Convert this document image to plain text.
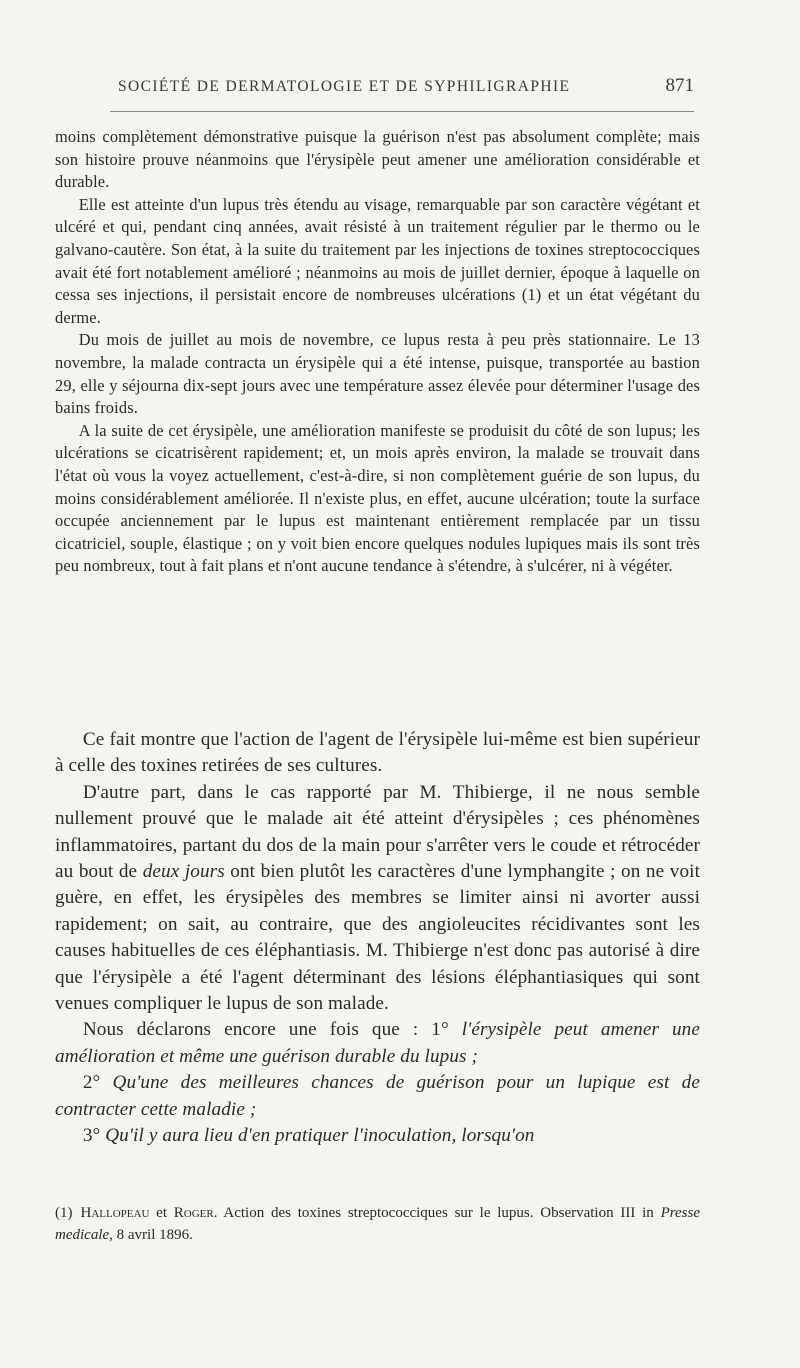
SOCIÉTÉ DE DERMATOLOGIE ET DE SYPHILIGRAPHIE	871

moins complètement démonstrative puisque la guérison n'est pas absolument complète; mais son histoire prouve néanmoins que l'érysipèle peut amener une amélioration considérable et durable.

Elle est atteinte d'un lupus très étendu au visage, remarquable par son caractère végétant et ulcéré et qui, pendant cinq années, avait résisté à un traitement régulier par le thermo ou le galvano-cautère. Son état, à la suite du traitement par les injections de toxines streptococciques avait été fort notablement amélioré ; néanmoins au mois de juillet dernier, époque à laquelle on cessa ses injections, il persistait encore de nombreuses ulcérations (1) et un état végétant du derme.

Du mois de juillet au mois de novembre, ce lupus resta à peu près stationnaire. Le 13 novembre, la malade contracta un érysipèle qui a été intense, puisque, transportée au bastion 29, elle y séjourna dix-sept jours avec une température assez élevée pour déterminer l'usage des bains froids.

A la suite de cet érysipèle, une amélioration manifeste se produisit du côté de son lupus; les ulcérations se cicatrisèrent rapidement; et, un mois après environ, la malade se trouvait dans l'état où vous la voyez actuellement, c'est-à-dire, si non complètement guérie de son lupus, du moins considérablement améliorée. Il n'existe plus, en effet, aucune ulcération; toute la surface occupée anciennement par le lupus est maintenant entièrement remplacée par un tissu cicatriciel, souple, élastique ; on y voit bien encore quelques nodules lupiques mais ils sont très peu nombreux, tout à fait plans et n'ont aucune tendance à s'étendre, à s'ulcérer, ni à végéter.

Ce fait montre que l'action de l'agent de l'érysipèle lui-même est bien supérieur à celle des toxines retirées de ses cultures.

D'autre part, dans le cas rapporté par M. Thibierge, il ne nous semble nullement prouvé que le malade ait été atteint d'érysipèles ; ces phénomènes inflammatoires, partant du dos de la main pour s'arrêter vers le coude et rétrocéder au bout de deux jours ont bien plutôt les caractères d'une lymphangite ; on ne voit guère, en effet, les érysipèles des membres se limiter ainsi ni avorter aussi rapidement; on sait, au contraire, que des angioleucites récidivantes sont les causes habituelles de ces éléphantiasis. M. Thibierge n'est donc pas autorisé à dire que l'érysipèle a été l'agent déterminant des lésions éléphantiasiques qui sont venues compliquer le lupus de son malade.

Nous déclarons encore une fois que : 1° l'érysipèle peut amener une amélioration et même une guérison durable du lupus ;

2° Qu'une des meilleures chances de guérison pour un lupique est de contracter cette maladie ;

3° Qu'il y aura lieu d'en pratiquer l'inoculation, lorsqu'on

(1) Hallopeau et Roger. Action des toxines streptococciques sur le lupus. Observation III in Presse medicale, 8 avril 1896.
